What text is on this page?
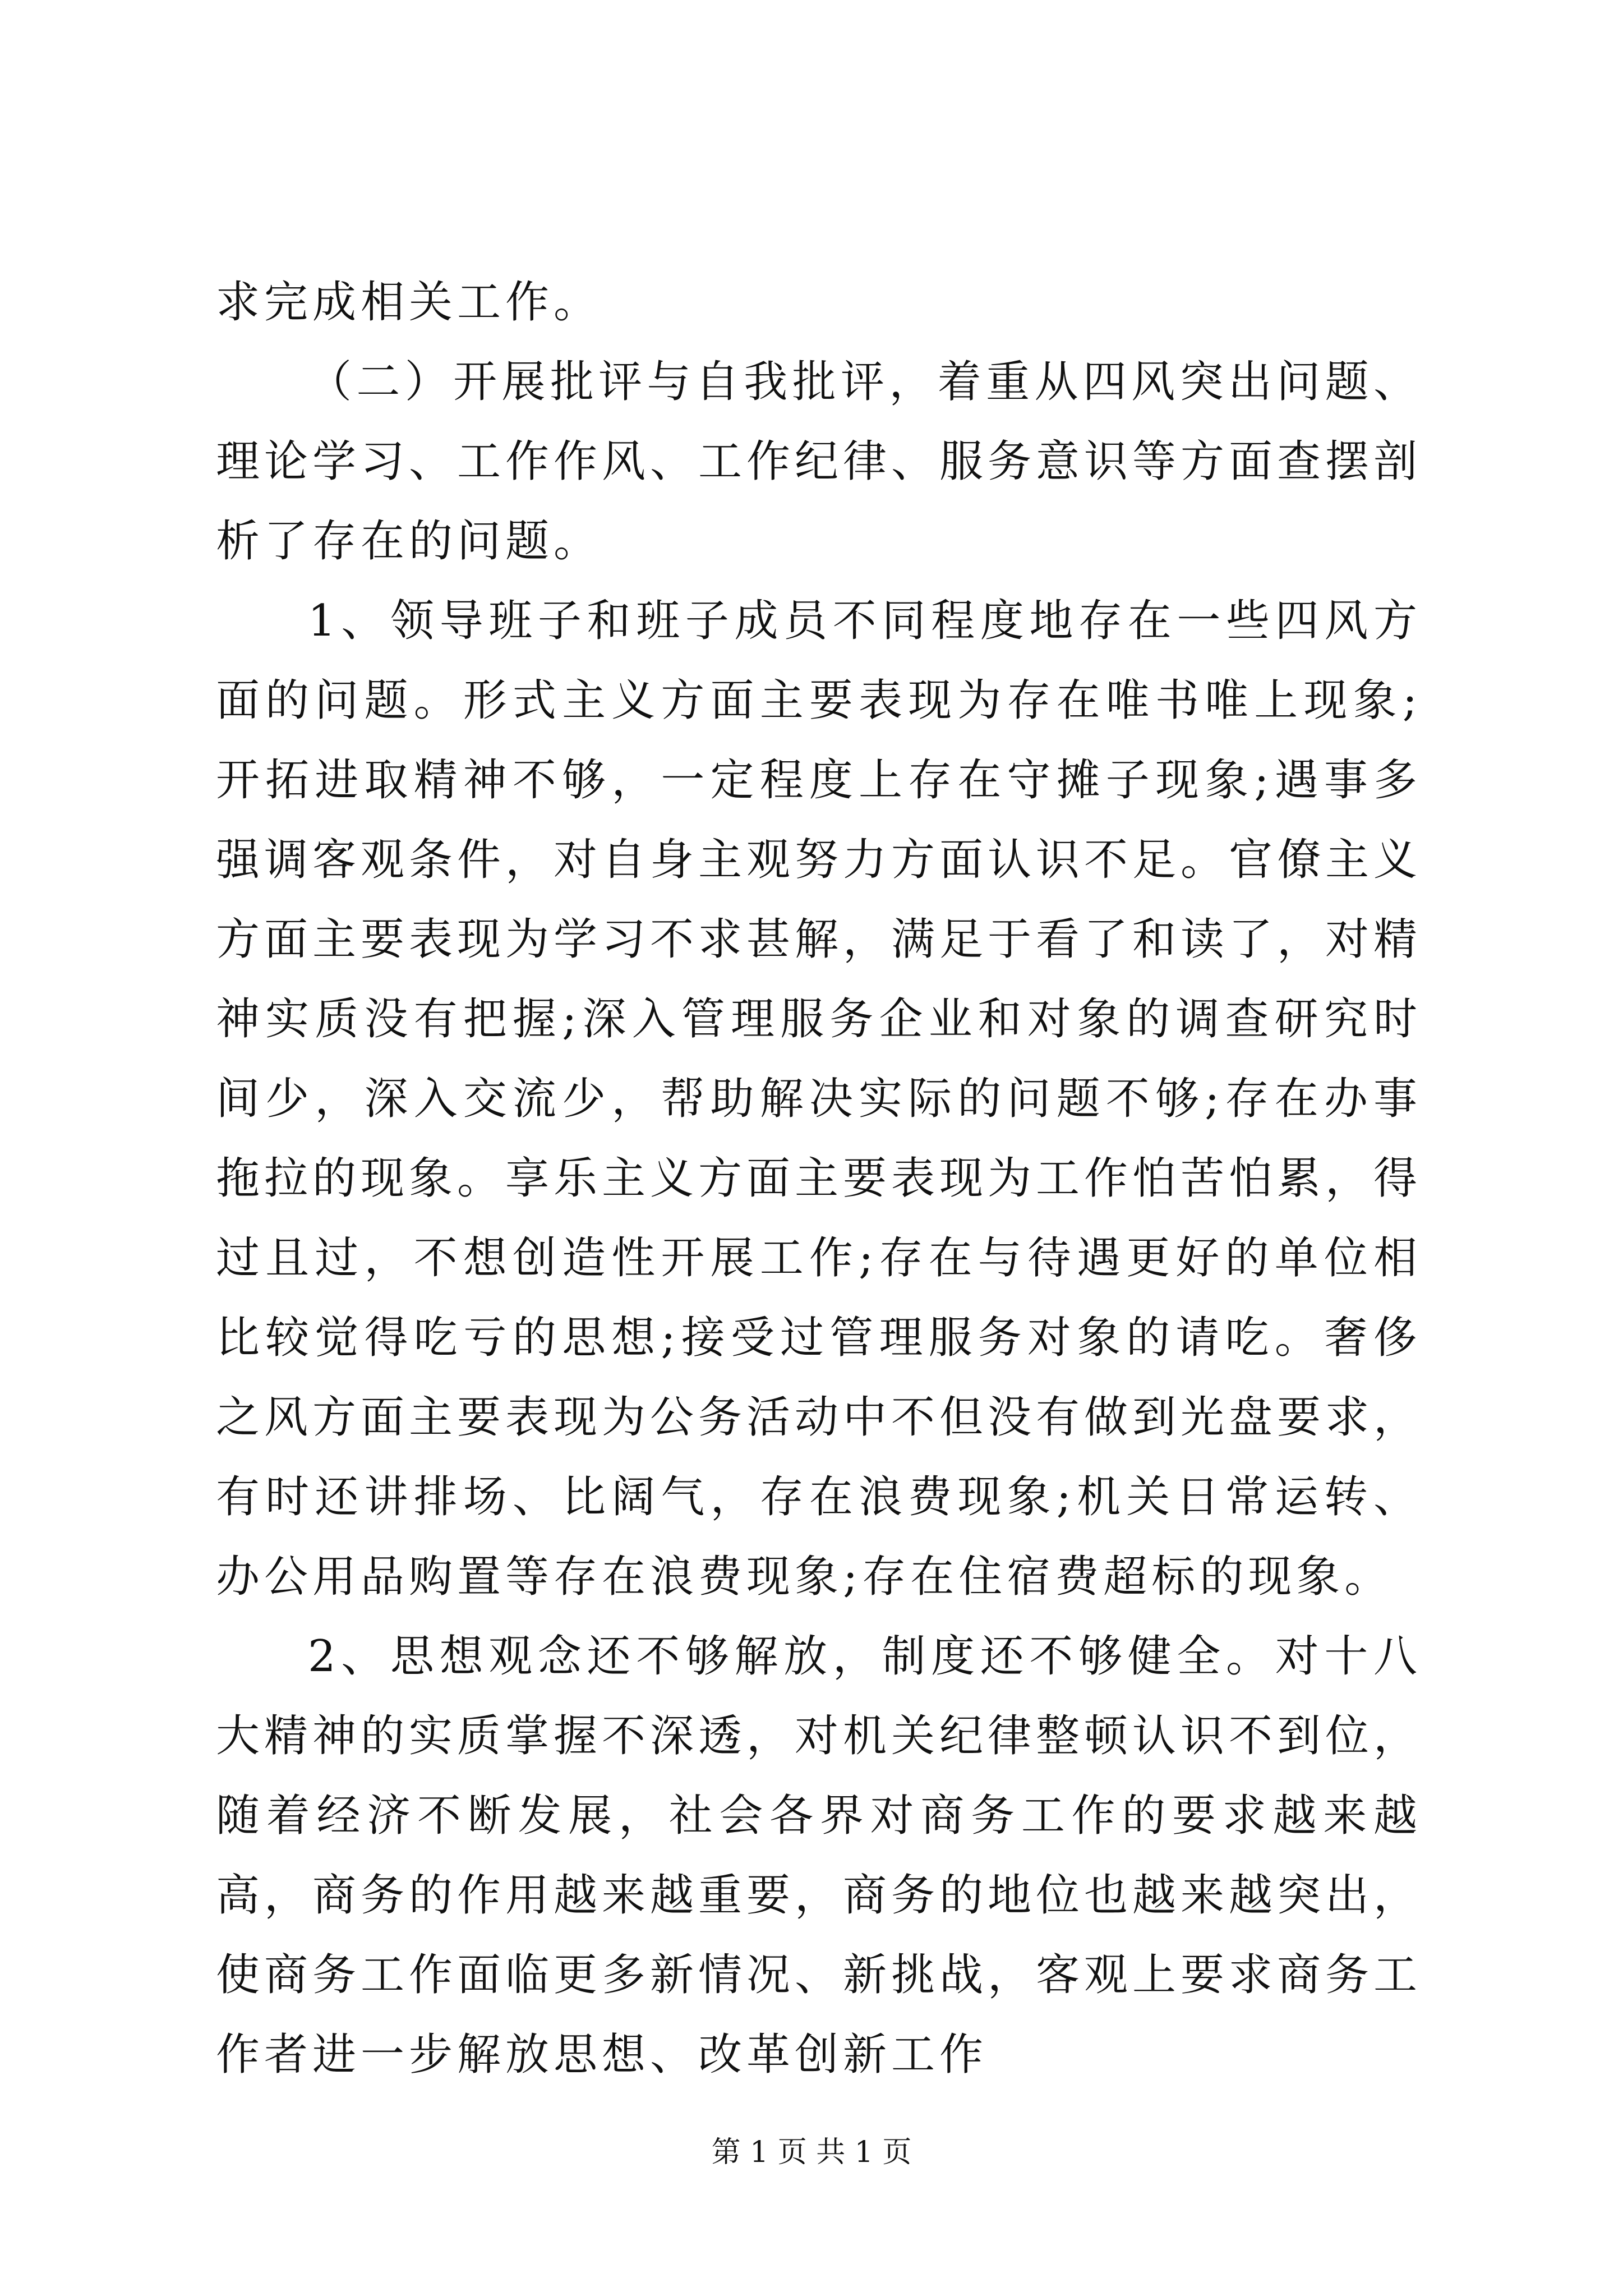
求完成相关工作。

（二）开展批评与自我批评，着重从四风突出问题、理论学习、工作作风、工作纪律、服务意识等方面查摆剖析了存在的问题。

1、领导班子和班子成员不同程度地存在一些四风方面的问题。形式主义方面主要表现为存在唯书唯上现象;开拓进取精神不够，一定程度上存在守摊子现象;遇事多强调客观条件，对自身主观努力方面认识不足。官僚主义方面主要表现为学习不求甚解，满足于看了和读了，对精神实质没有把握;深入管理服务企业和对象的调查研究时间少，深入交流少，帮助解决实际的问题不够;存在办事拖拉的现象。享乐主义方面主要表现为工作怕苦怕累，得过且过，不想创造性开展工作;存在与待遇更好的单位相比较觉得吃亏的思想;接受过管理服务对象的请吃。奢侈之风方面主要表现为公务活动中不但没有做到光盘要求，有时还讲排场、比阔气，存在浪费现象;机关日常运转、办公用品购置等存在浪费现象;存在住宿费超标的现象。

2、思想观念还不够解放，制度还不够健全。对十八大精神的实质掌握不深透，对机关纪律整顿认识不到位，随着经济不断发展，社会各界对商务工作的要求越来越高，商务的作用越来越重要，商务的地位也越来越突出，使商务工作面临更多新情况、新挑战，客观上要求商务工作者进一步解放思想、改革创新工作

第 1 页 共 1 页
